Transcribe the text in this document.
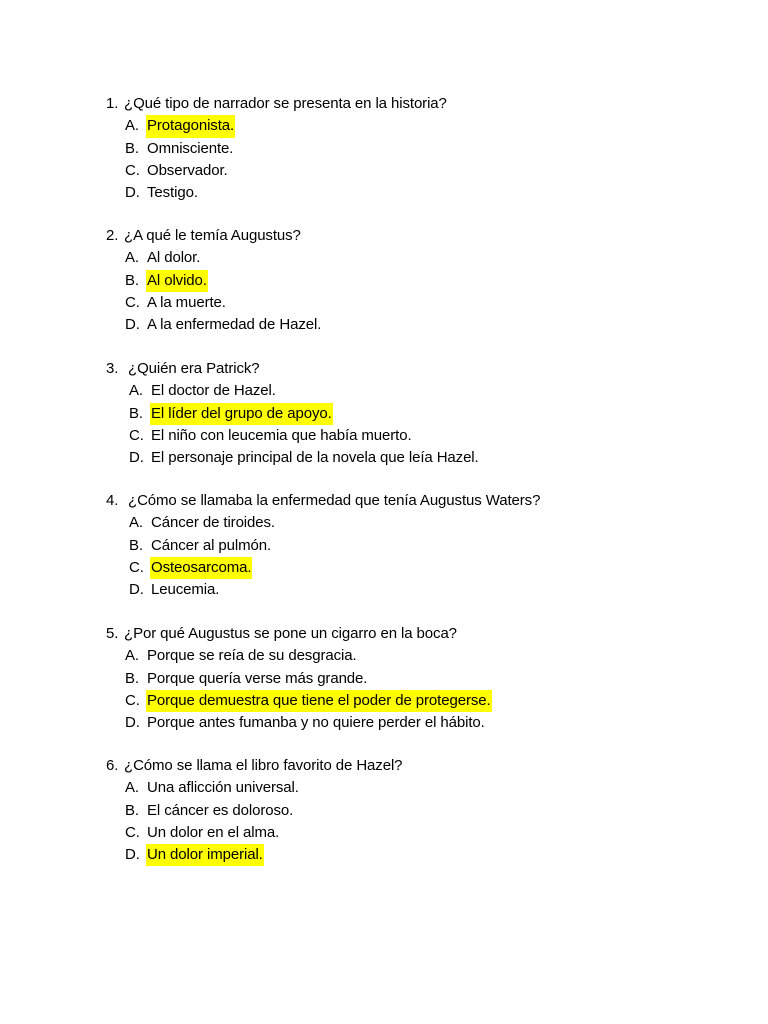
1. ¿Qué tipo de narrador se presenta en la historia?
A. Protagonista.
B. Omnisciente.
C. Observador.
D. Testigo.
2. ¿A qué le temía Augustus?
A. Al dolor.
B. Al olvido.
C. A la muerte.
D. A la enfermedad de Hazel.
3. ¿Quién era Patrick?
A. El doctor de Hazel.
B. El líder del grupo de apoyo.
C. El niño con leucemia que había muerto.
D. El personaje principal de la novela que leía Hazel.
4. ¿Cómo se llamaba la enfermedad que tenía Augustus Waters?
A. Cáncer de tiroides.
B. Cáncer al pulmón.
C. Osteosarcoma.
D. Leucemia.
5. ¿Por qué Augustus se pone un cigarro en la boca?
A. Porque se reía de su desgracia.
B. Porque quería verse más grande.
C. Porque demuestra que tiene el poder de protegerse.
D. Porque antes fumanba y no quiere perder el hábito.
6. ¿Cómo se llama el libro favorito de Hazel?
A. Una aflicción universal.
B. El cáncer es doloroso.
C. Un dolor en el alma.
D. Un dolor imperial.
